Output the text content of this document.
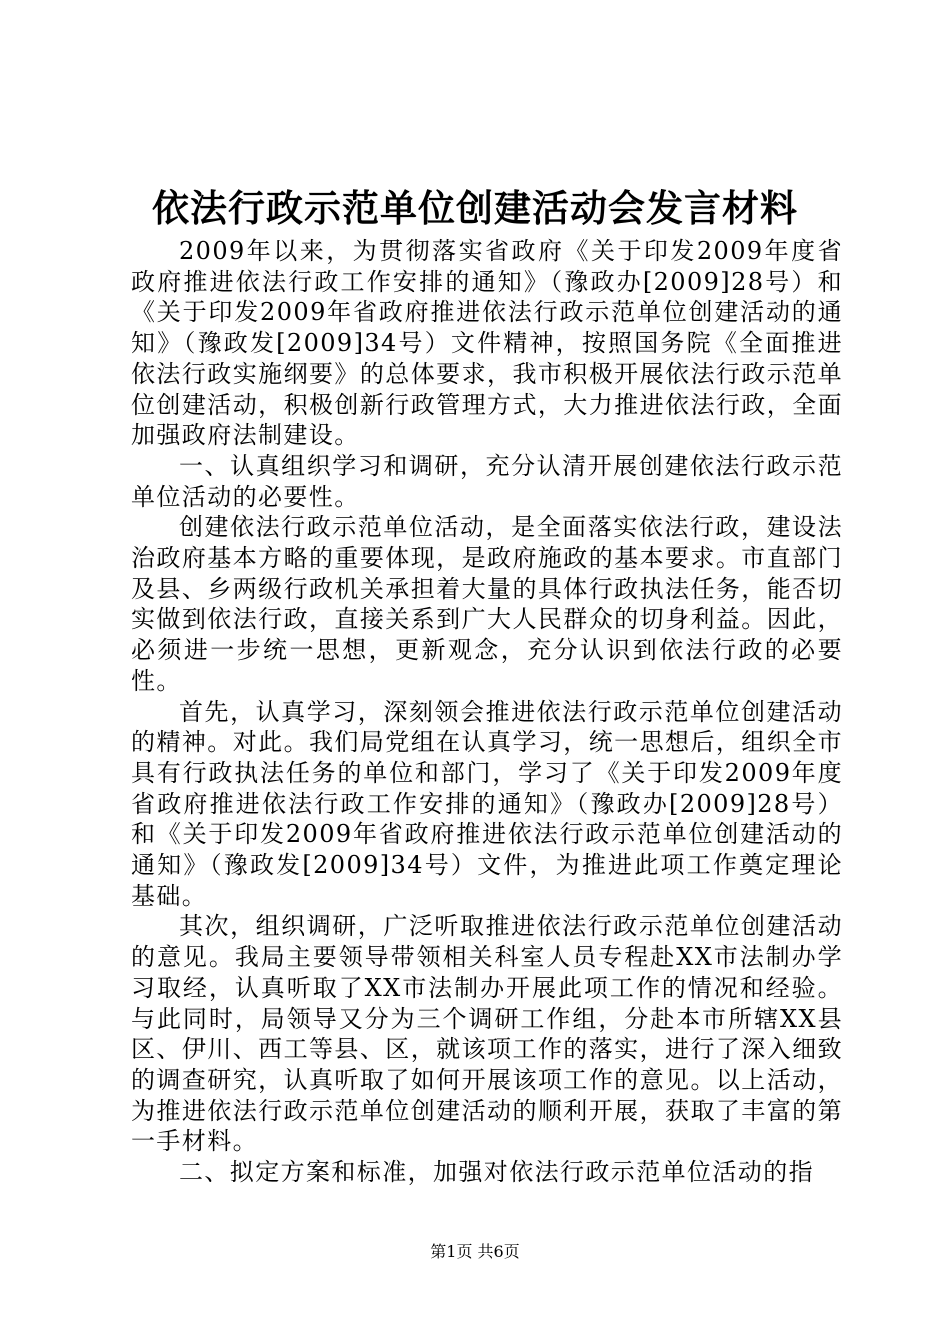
依法行政示范单位创建活动会发言材料

2009年以来，为贯彻落实省政府《关于印发2009年度省政府推进依法行政工作安排的通知》（豫政办[2009]28号）和《关于印发2009年省政府推进依法行政示范单位创建活动的通知》（豫政发[2009]34号）文件精神，按照国务院《全面推进依法行政实施纲要》的总体要求，我市积极开展依法行政示范单位创建活动，积极创新行政管理方式，大力推进依法行政，全面加强政府法制建设。

一、认真组织学习和调研，充分认清开展创建依法行政示范单位活动的必要性。

创建依法行政示范单位活动，是全面落实依法行政，建设法治政府基本方略的重要体现，是政府施政的基本要求。市直部门及县、乡两级行政机关承担着大量的具体行政执法任务，能否切实做到依法行政，直接关系到广大人民群众的切身利益。因此，必须进一步统一思想，更新观念，充分认识到依法行政的必要性。

首先，认真学习，深刻领会推进依法行政示范单位创建活动的精神。对此。我们局党组在认真学习，统一思想后，组织全市具有行政执法任务的单位和部门，学习了《关于印发2009年度省政府推进依法行政工作安排的通知》（豫政办[2009]28号）和《关于印发2009年省政府推进依法行政示范单位创建活动的通知》（豫政发[2009]34号）文件，为推进此项工作奠定理论基础。

其次，组织调研，广泛听取推进依法行政示范单位创建活动的意见。我局主要领导带领相关科室人员专程赴XX市法制办学习取经，认真听取了XX市法制办开展此项工作的情况和经验。与此同时，局领导又分为三个调研工作组，分赴本市所辖XX县区、伊川、西工等县、区，就该项工作的落实，进行了深入细致的调查研究，认真听取了如何开展该项工作的意见。以上活动，为推进依法行政示范单位创建活动的顺利开展，获取了丰富的第一手材料。

二、拟定方案和标准，加强对依法行政示范单位活动的指

第1页 共6页
